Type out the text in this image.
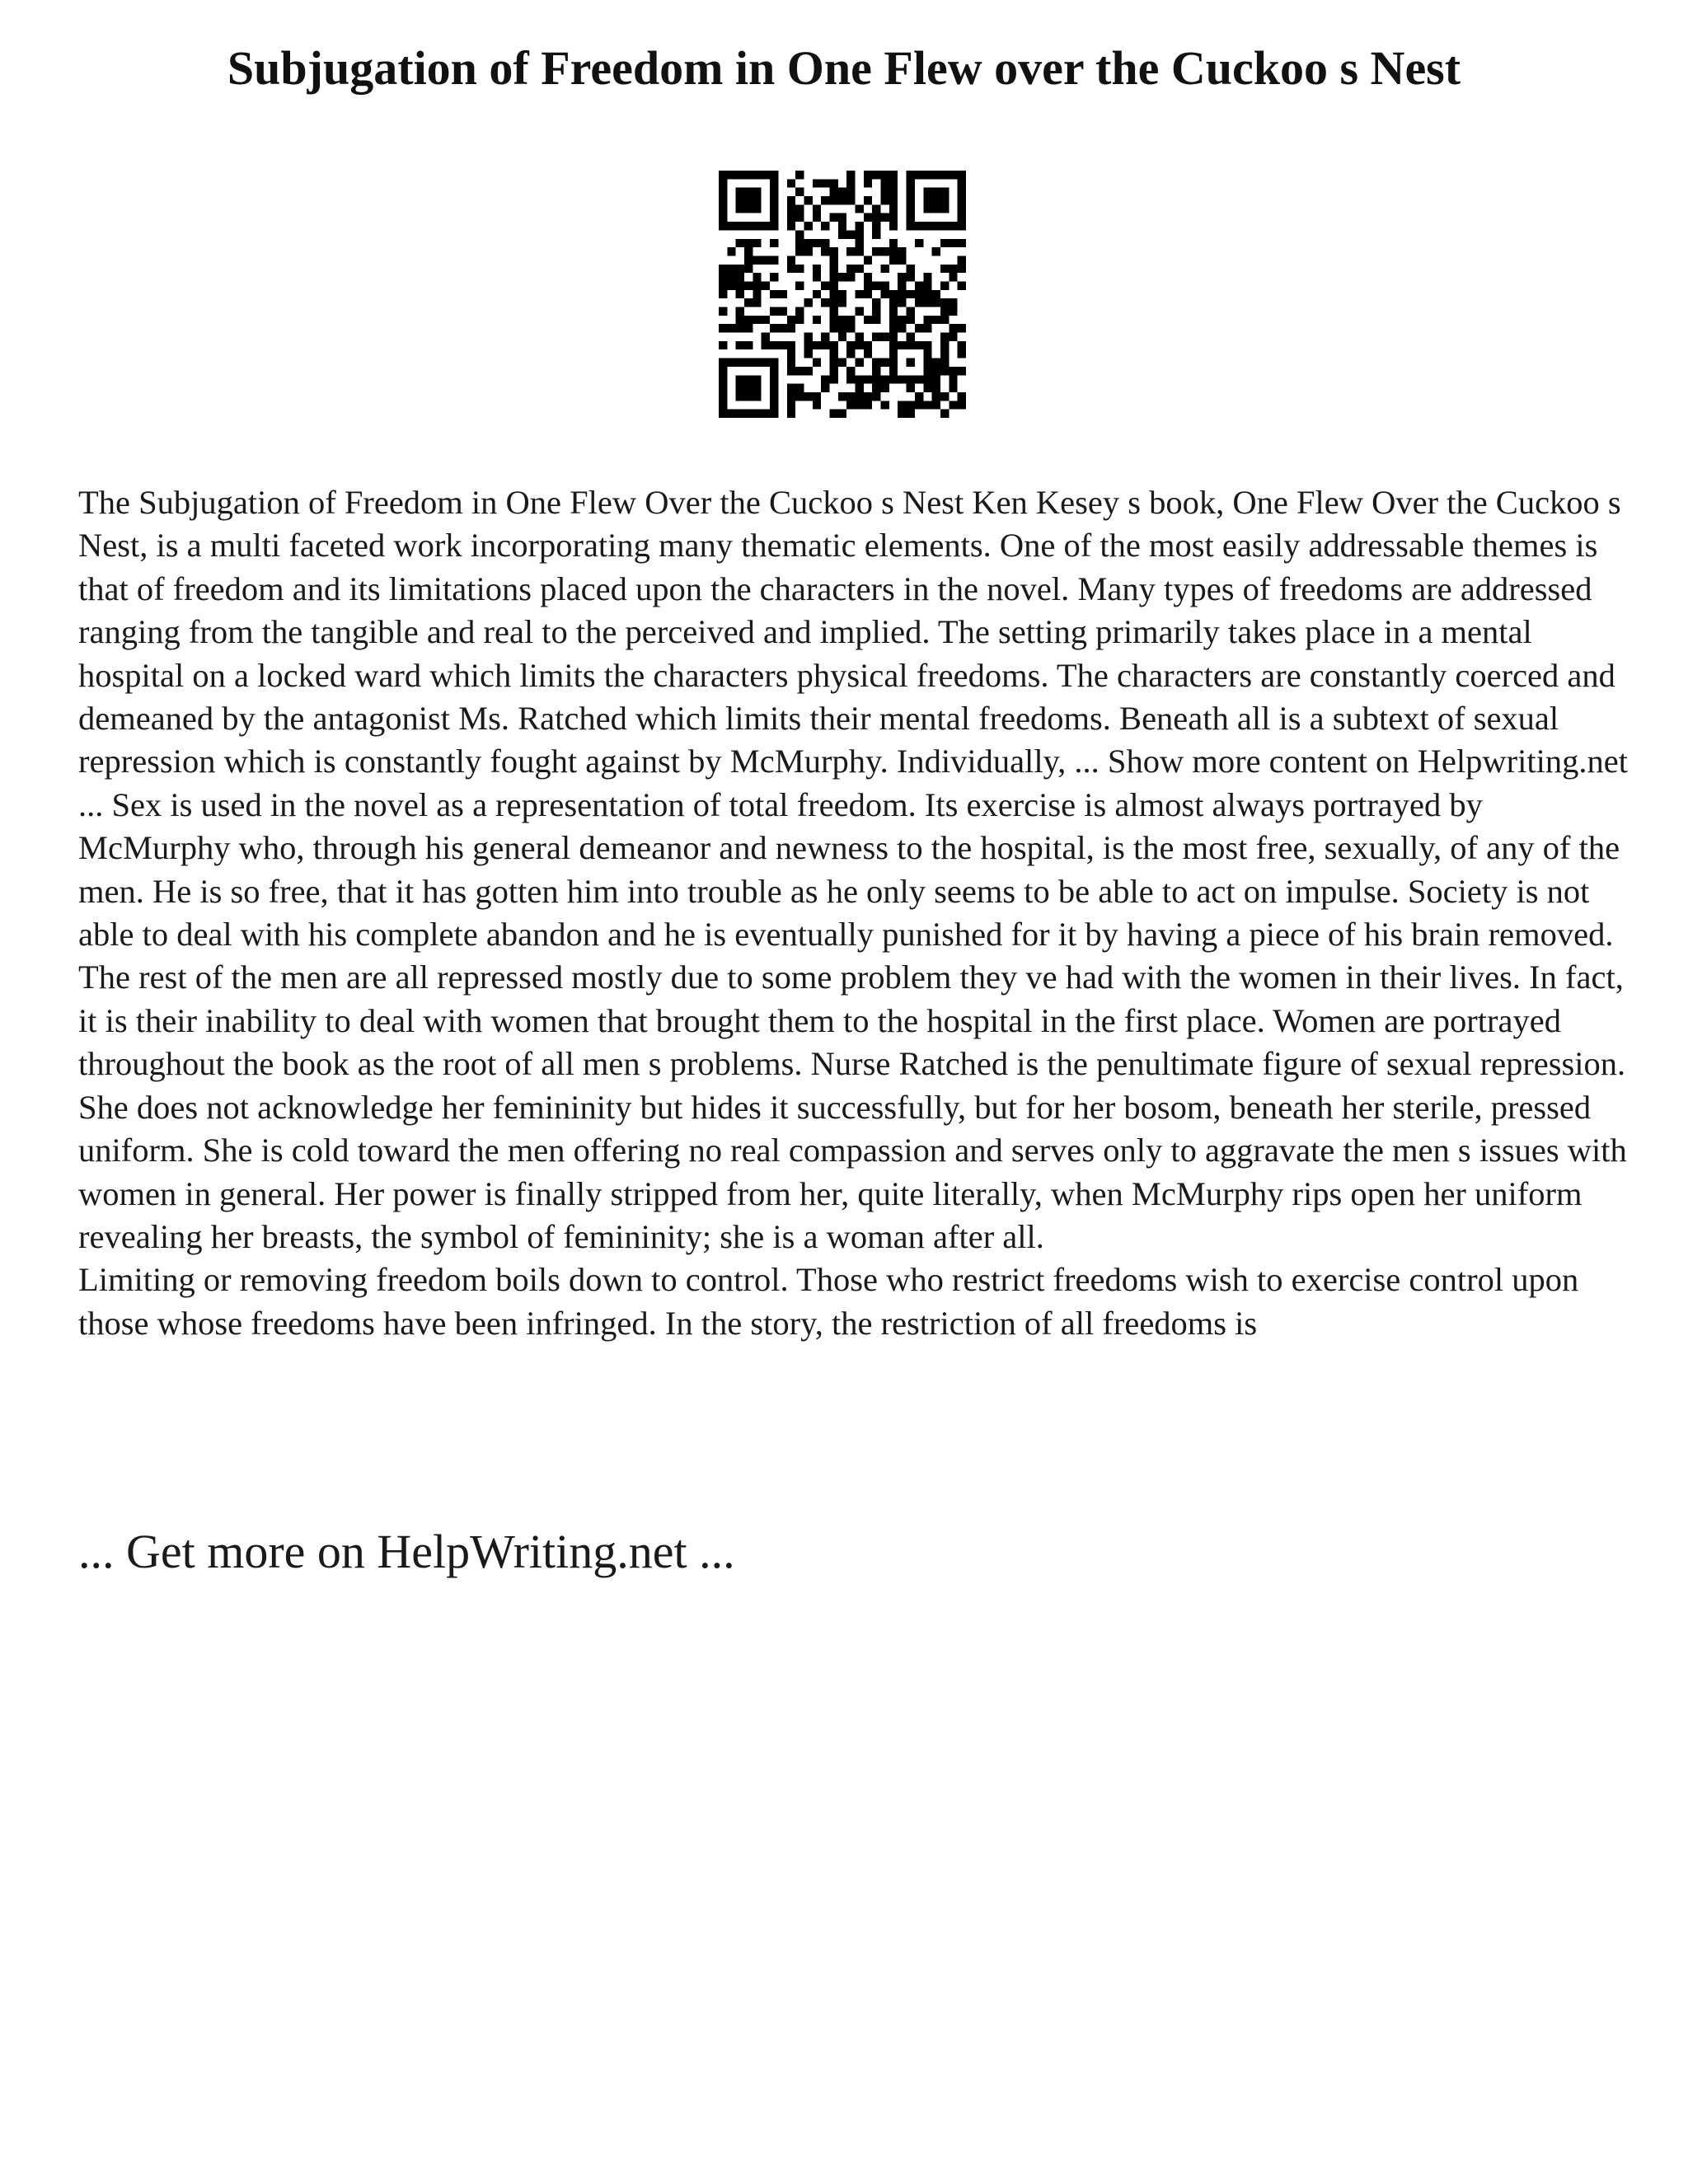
Subjugation of Freedom in One Flew over the Cuckoo s Nest

The Subjugation of Freedom in One Flew Over the Cuckoo s Nest Ken Kesey s book, One Flew Over the Cuckoo s Nest, is a multi faceted work incorporating many thematic elements. One of the most easily addressable themes is that of freedom and its limitations placed upon the characters in the novel. Many types of freedoms are addressed ranging from the tangible and real to the perceived and implied. The setting primarily takes place in a mental hospital on a locked ward which limits the characters physical freedoms. The characters are constantly coerced and demeaned by the antagonist Ms. Ratched which limits their mental freedoms. Beneath all is a subtext of sexual repression which is constantly fought against by McMurphy. Individually, ... Show more content on Helpwriting.net ... Sex is used in the novel as a representation of total freedom. Its exercise is almost always portrayed by McMurphy who, through his general demeanor and newness to the hospital, is the most free, sexually, of any of the men. He is so free, that it has gotten him into trouble as he only seems to be able to act on impulse. Society is not able to deal with his complete abandon and he is eventually punished for it by having a piece of his brain removed. The rest of the men are all repressed mostly due to some problem they ve had with the women in their lives. In fact, it is their inability to deal with women that brought them to the hospital in the first place. Women are portrayed throughout the book as the root of all men s problems. Nurse Ratched is the penultimate figure of sexual repression. She does not acknowledge her femininity but hides it successfully, but for her bosom, beneath her sterile, pressed uniform. She is cold toward the men offering no real compassion and serves only to aggravate the men s issues with women in general. Her power is finally stripped from her, quite literally, when McMurphy rips open her uniform revealing her breasts, the symbol of femininity; she is a woman after all.

Limiting or removing freedom boils down to control. Those who restrict freedoms wish to exercise control upon those whose freedoms have been infringed. In the story, the restriction of all freedoms is

... Get more on HelpWriting.net ...
